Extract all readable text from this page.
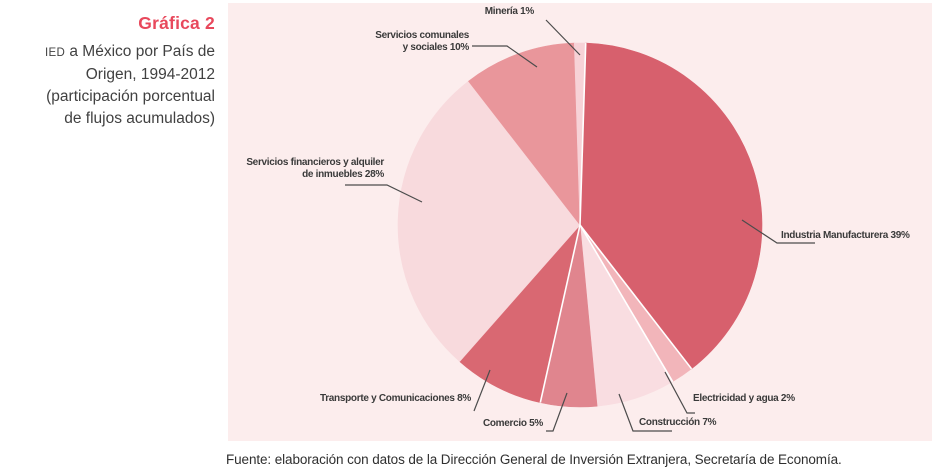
Gráfica 2
IED a México por País de
Origen, 1994-2012
(participación porcentual
de flujos acumulados)
Minería 1%
Servicios comunales
y sociales 10%
Servicios financieros y alquiler
de inmuebles 28%
Industria Manufacturera 39%
Electricidad y agua 2%
Construcción 7%
Comercio 5%
Transporte y Comunicaciones 8%
Fuente: elaboración con datos de la Dirección General de Inversión Extranjera, Secretaría de Economía.
